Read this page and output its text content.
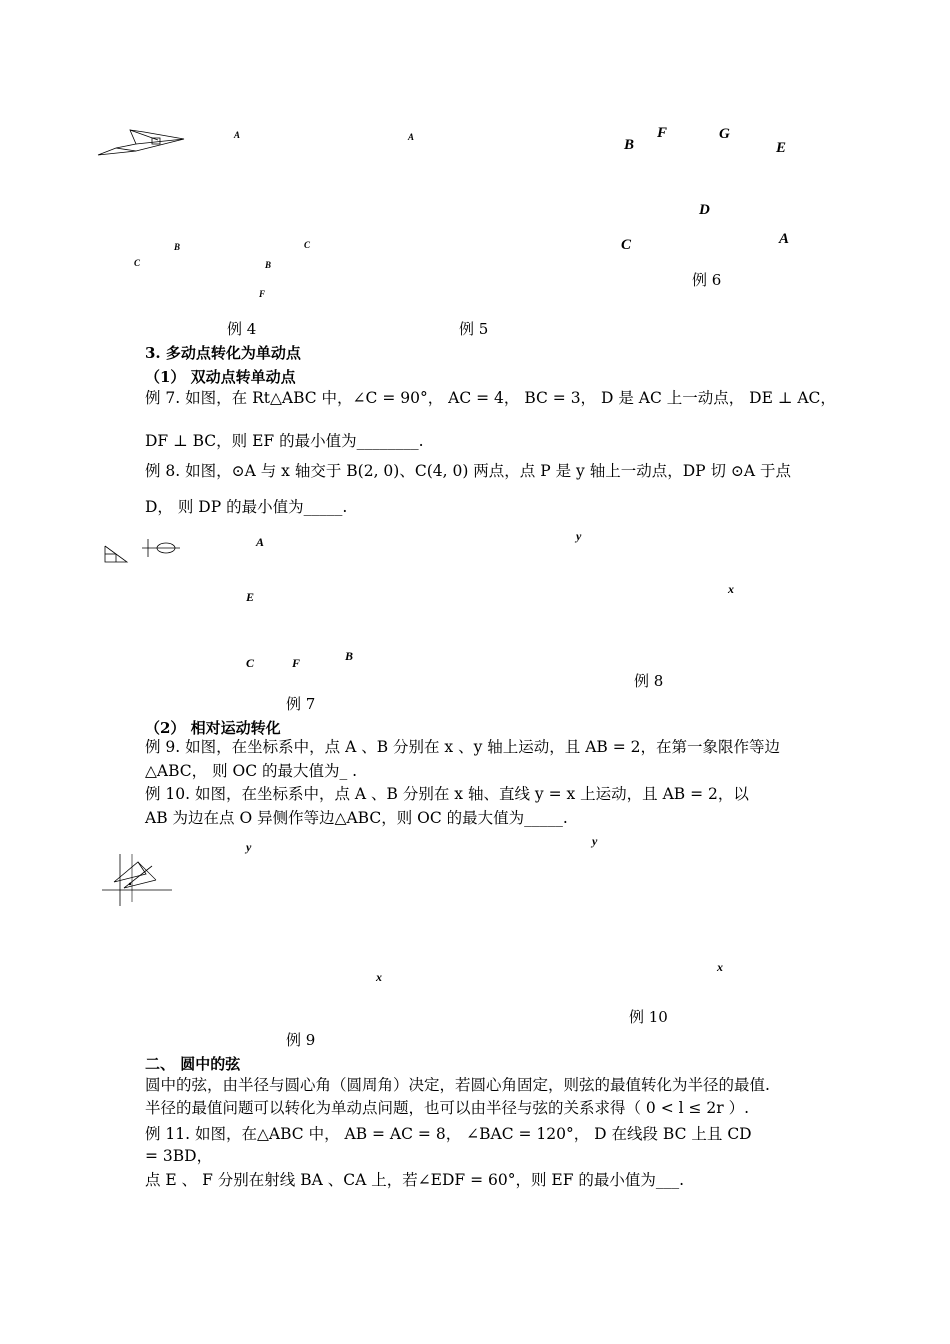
A	A
B	C
C	B
F
B
F	G
E
D
C	A
例 6
例 4	例 5
3. 多动点转化为单动点
（1） 双动点转单动点
例 7. 如图，在 Rt△ABC 中，∠C = 90°， AC = 4， BC = 3， D 是 AC 上一动点， DE ⊥ AC，
DF ⊥ BC，则 EF 的最小值为________.
例 8. 如图，⊙A 与 x 轴交于 B(2, 0)、C(4, 0) 两点，点 P 是 y 轴上一动点，DP 切 ⊙A 于点
D， 则 DP 的最小值为_____.
A
E
C	F	B
y
x
例 8
例 7
（2） 相对运动转化
例 9. 如图，在坐标系中，点 A 、B 分别在 x 、y 轴上运动，且 AB = 2，在第一象限作等边
△ABC， 则 OC 的最大值为_ .
例 10. 如图，在坐标系中，点 A 、B 分别在 x 轴、直线 y = x 上运动，且 AB = 2，以
AB 为边在点 O 异侧作等边△ABC，则 OC 的最大值为_____.
y	y
x
x
例 10
例 9
二、 圆中的弦
圆中的弦，由半径与圆心角（圆周角）决定，若圆心角固定，则弦的最值转化为半径的最值.
半径的最值问题可以转化为单动点问题，也可以由半径与弦的关系求得（ 0 < l ≤ 2r ）.
例 11. 如图，在△ABC 中， AB = AC = 8， ∠BAC = 120°， D 在线段 BC 上且 CD
= 3BD，
点 E 、 F 分别在射线 BA 、CA 上，若∠EDF = 60°，则 EF 的最小值为___.
